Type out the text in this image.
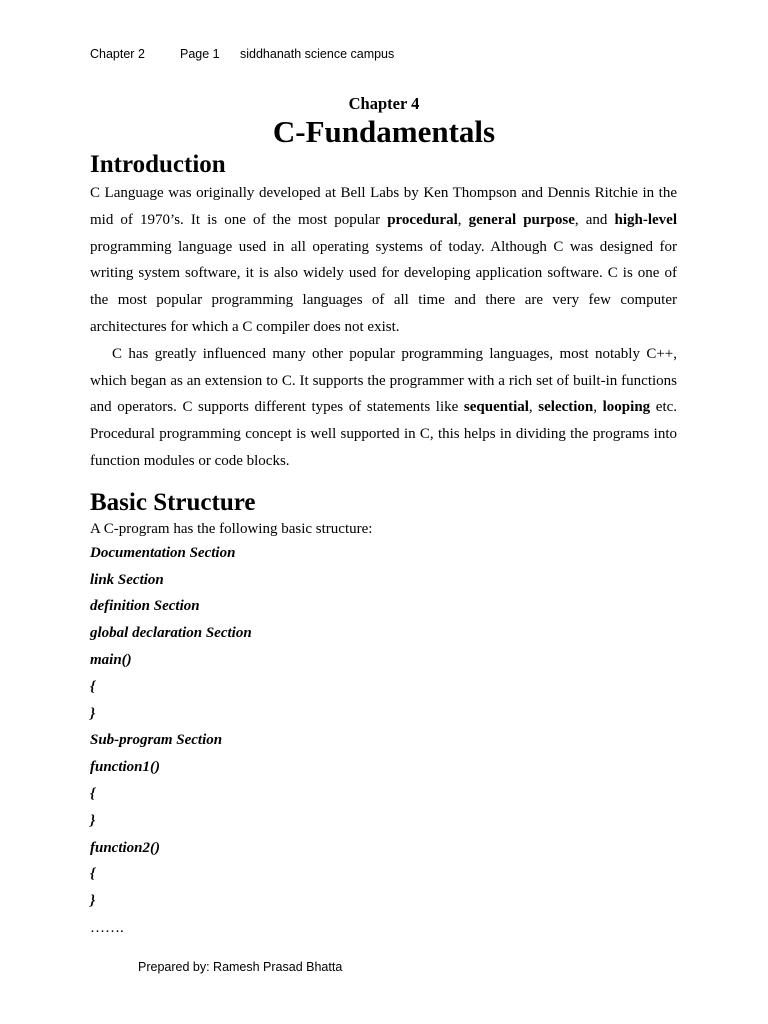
Chapter 2	Page 1 siddhanath science campus
Chapter 4
C-Fundamentals
Introduction

C Language was originally developed at Bell Labs by Ken Thompson and Dennis Ritchie in the mid of 1970’s. It is one of the most popular procedural, general purpose, and high-level programming language used in all operating systems of today. Although C was designed for writing system software, it is also widely used for developing application software. C is one of the most popular programming languages of all time and there are very few computer architectures for which a C compiler does not exist.

C has greatly influenced many other popular programming languages, most notably C++, which began as an extension to C. It supports the programmer with a rich set of built-in functions and operators. C supports different types of statements like sequential, selection, looping etc. Procedural programming concept is well supported in C, this helps in dividing the programs into function modules or code blocks.

Basic Structure

A C-program has the following basic structure:

Documentation Section

link Section

definition Section

global declaration Section

main()

{

}

Sub-program Section

function1()

{

}

function2()

{

}

…….

Prepared by: Ramesh Prasad Bhatta
